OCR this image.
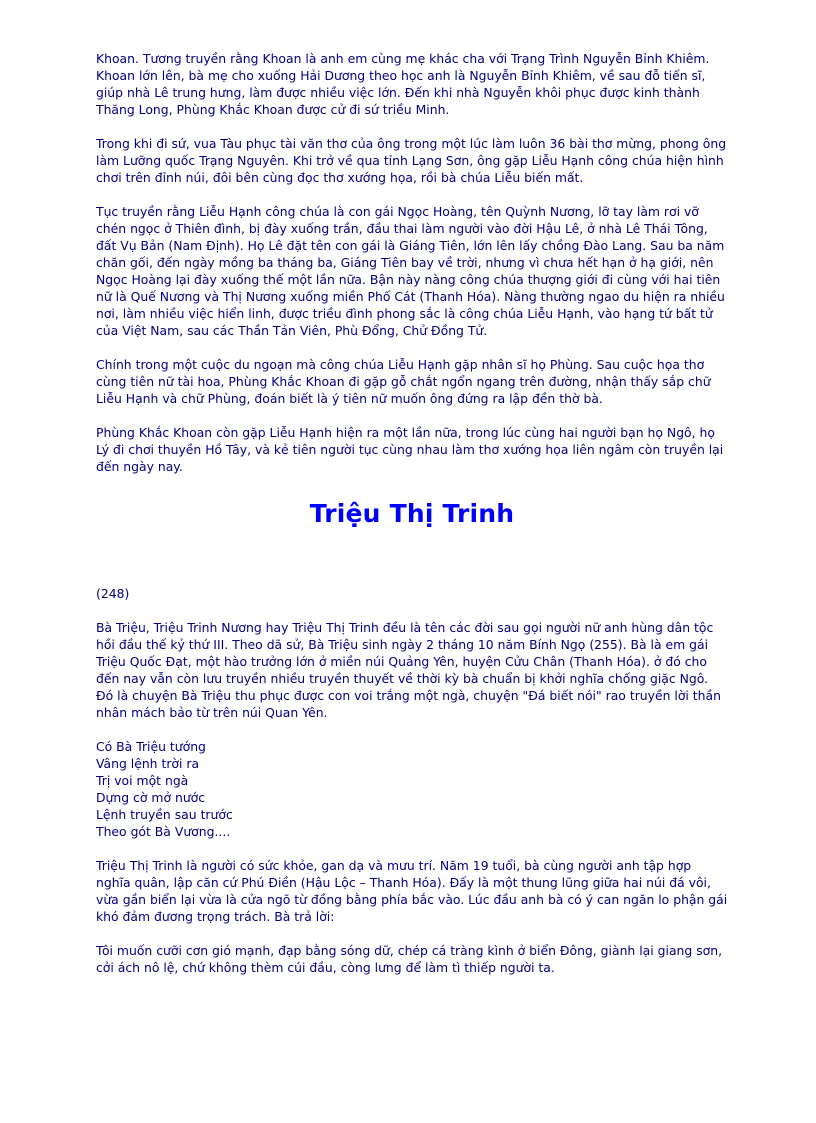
Khoan. Tương truyền rằng Khoan là anh em cùng mẹ khác cha với Trạng Trình Nguyễn Bỉnh Khiêm. Khoan lớn lên, bà mẹ cho xuống Hải Dương theo học anh là Nguyễn Bỉnh Khiêm, về sau đỗ tiến sĩ, giúp nhà Lê trung hưng, làm được nhiều việc lớn. Đến khi nhà Nguyễn khôi phục được kinh thành Thăng Long, Phùng Khắc Khoan được cử đi sứ triều Minh.

Trong khi đi sứ, vua Tàu phục tài văn thơ của ông trong một lúc làm luôn 36 bài thơ mừng, phong ông làm Lưỡng quốc Trạng Nguyên. Khi trở về qua tỉnh Lạng Sơn, ông gặp Liễu Hạnh công chúa hiện hình chơi trên đỉnh núi, đôi bên cùng đọc thơ xướng họa, rồi bà chúa Liễu biến mất.

Tục truyền rằng Liễu Hạnh công chúa là con gái Ngọc Hoàng, tên Quỳnh Nương, lỡ tay làm rơi vỡ chén ngọc ở Thiên đình, bị đày xuống trần, đầu thai làm người vào đời Hậu Lê, ở nhà Lê Thái Tông, đất Vụ Bản (Nam Định). Họ Lê đặt tên con gái là Giáng Tiên, lớn lên lấy chồng Đào Lang. Sau ba năm chăn gối, đến ngày mồng ba tháng ba, Giáng Tiên bay về trời, nhưng vì chưa hết hạn ở hạ giới, nên Ngọc Hoàng lại đày xuống thế một lần nữa. Bận này nàng công chúa thượng giới đi cùng với hai tiên nữ là Quế Nương và Thị Nương xuống miền Phố Cát (Thanh Hóa). Nàng thường ngao du hiện ra nhiều nơi, làm nhiều việc hiển linh, được triều đình phong sắc là công chúa Liễu Hạnh, vào hạng tứ bất tử của Việt Nam, sau các Thần Tản Viên, Phù Đổng, Chử Đồng Tử.

Chính trong một cuộc du ngoạn mà công chúa Liễu Hạnh gặp nhân sĩ họ Phùng. Sau cuộc họa thơ cùng tiên nữ tài hoa, Phùng Khắc Khoan đi gặp gỗ chắt ngổn ngang trên đường, nhận thấy sắp chữ Liễu Hạnh và chữ Phùng, đoán biết là ý tiên nữ muốn ông đứng ra lập đền thờ bà.

Phùng Khắc Khoan còn gặp Liễu Hạnh hiện ra một lần nữa, trong lúc cùng hai người bạn họ Ngô, họ Lý đi chơi thuyền Hồ Tây, và kẻ tiên người tục cùng nhau làm thơ xướng họa liên ngâm còn truyền lại đến ngày nay.

Triệu Thị Trinh

(248)

Bà Triệu, Triệu Trinh Nương hay Triệu Thị Trinh đều là tên các đời sau gọi người nữ anh hùng dân tộc hồi đầu thế kỷ thứ III. Theo dã sử, Bà Triệu sinh ngày 2 tháng 10 năm Bính Ngọ (255). Bà là em gái Triệu Quốc Đạt, một hào trưởng lớn ở miền núi Quảng Yên, huyện Cửu Chân (Thanh Hóa). ở đó cho đến nay vẫn còn lưu truyền nhiều truyền thuyết về thời kỳ bà chuẩn bị khởi nghĩa chống giặc Ngô. Đó là chuyện Bà Triệu thu phục được con voi trắng một ngà, chuyện "Đá biết nói" rao truyền lời thần nhân mách bảo từ trên núi Quan Yên.

Có Bà Triệu tướng
Vâng lệnh trời ra
Trị voi một ngà
Dựng cờ mở nước
Lệnh truyền sau trước
Theo gót Bà Vương....

Triệu Thị Trinh là người có sức khỏe, gan dạ và mưu trí. Năm 19 tuổi, bà cùng người anh tập hợp nghĩa quân, lập căn cứ Phú Điền (Hậu Lộc – Thanh Hóa). Đấy là một thung lũng giữa hai núi đá vôi, vừa gần biển lại vừa là cửa ngõ từ đồng bằng phía bắc vào. Lúc đầu anh bà có ý can ngăn lo phận gái khó đảm đương trọng trách. Bà trả lời:

Tôi muốn cưỡi cơn gió mạnh, đạp bằng sóng dữ, chép cá tràng kình ở biển Đông, giành lại giang sơn, cởi ách nô lệ, chứ không thèm cúi đầu, còng lưng để làm tì thiếp người ta.
